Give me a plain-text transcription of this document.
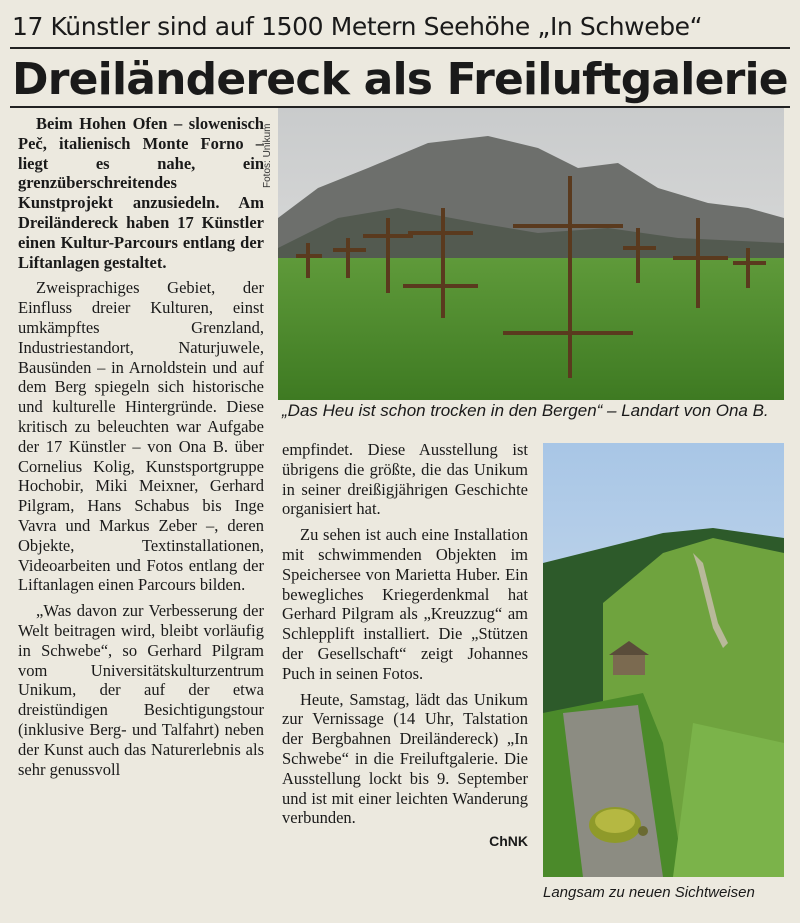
17 Künstler sind auf 1500 Metern Seehöhe „In Schwebe“
Dreiländereck als Freiluftgalerie

Beim Hohen Ofen – slowenisch Peč, italienisch Monte Forno – liegt es nahe, ein grenzüberschreitendes Kunstprojekt anzusiedeln. Am Dreiländereck haben 17 Künstler einen Kultur-Parcours entlang der Liftanlagen gestaltet.

Zweisprachiges Gebiet, der Einfluss dreier Kulturen, einst umkämpftes Grenzland, Industriestandort, Naturjuwele, Bausünden – in Arnoldstein und auf dem Berg spiegeln sich historische und kulturelle Hintergründe. Diese kritisch zu beleuchten war Aufgabe der 17 Künstler – von Ona B. über Cornelius Kolig, Kunstsportgruppe Hochobir, Miki Meixner, Gerhard Pilgram, Hans Schabus bis Inge Vavra und Markus Zeber –, deren Objekte, Textinstallationen, Videoarbeiten und Fotos entlang der Liftanlagen einen Parcours bilden.

„Was davon zur Verbesserung der Welt beitragen wird, bleibt vorläufig in Schwebe“, so Gerhard Pilgram vom Universitätskulturzentrum Unikum, der auf der etwa dreistündigen Besichtigungstour (inklusive Berg- und Talfahrt) neben der Kunst auch das Naturerlebnis als sehr genussvoll

Fotos: Unikum
„Das Heu ist schon trocken in den Bergen“ – Landart von Ona B.

empfindet. Diese Ausstellung ist übrigens die größte, die das Unikum in seiner dreißigjährigen Geschichte organisiert hat.

Zu sehen ist auch eine Installation mit schwimmenden Objekten im Speichersee von Marietta Huber. Ein bewegliches Kriegerdenkmal hat Gerhard Pilgram als „Kreuzzug“ am Schlepplift installiert. Die „Stützen der Gesellschaft“ zeigt Johannes Puch in seinen Fotos.

Heute, Samstag, lädt das Unikum zur Vernissage (14 Uhr, Talstation der Bergbahnen Dreiländereck) „In Schwebe“ in die Freiluftgalerie. Die Ausstellung lockt bis 9. September und ist mit einer leichten Wanderung verbunden.

ChNK
Langsam zu neuen Sichtweisen
